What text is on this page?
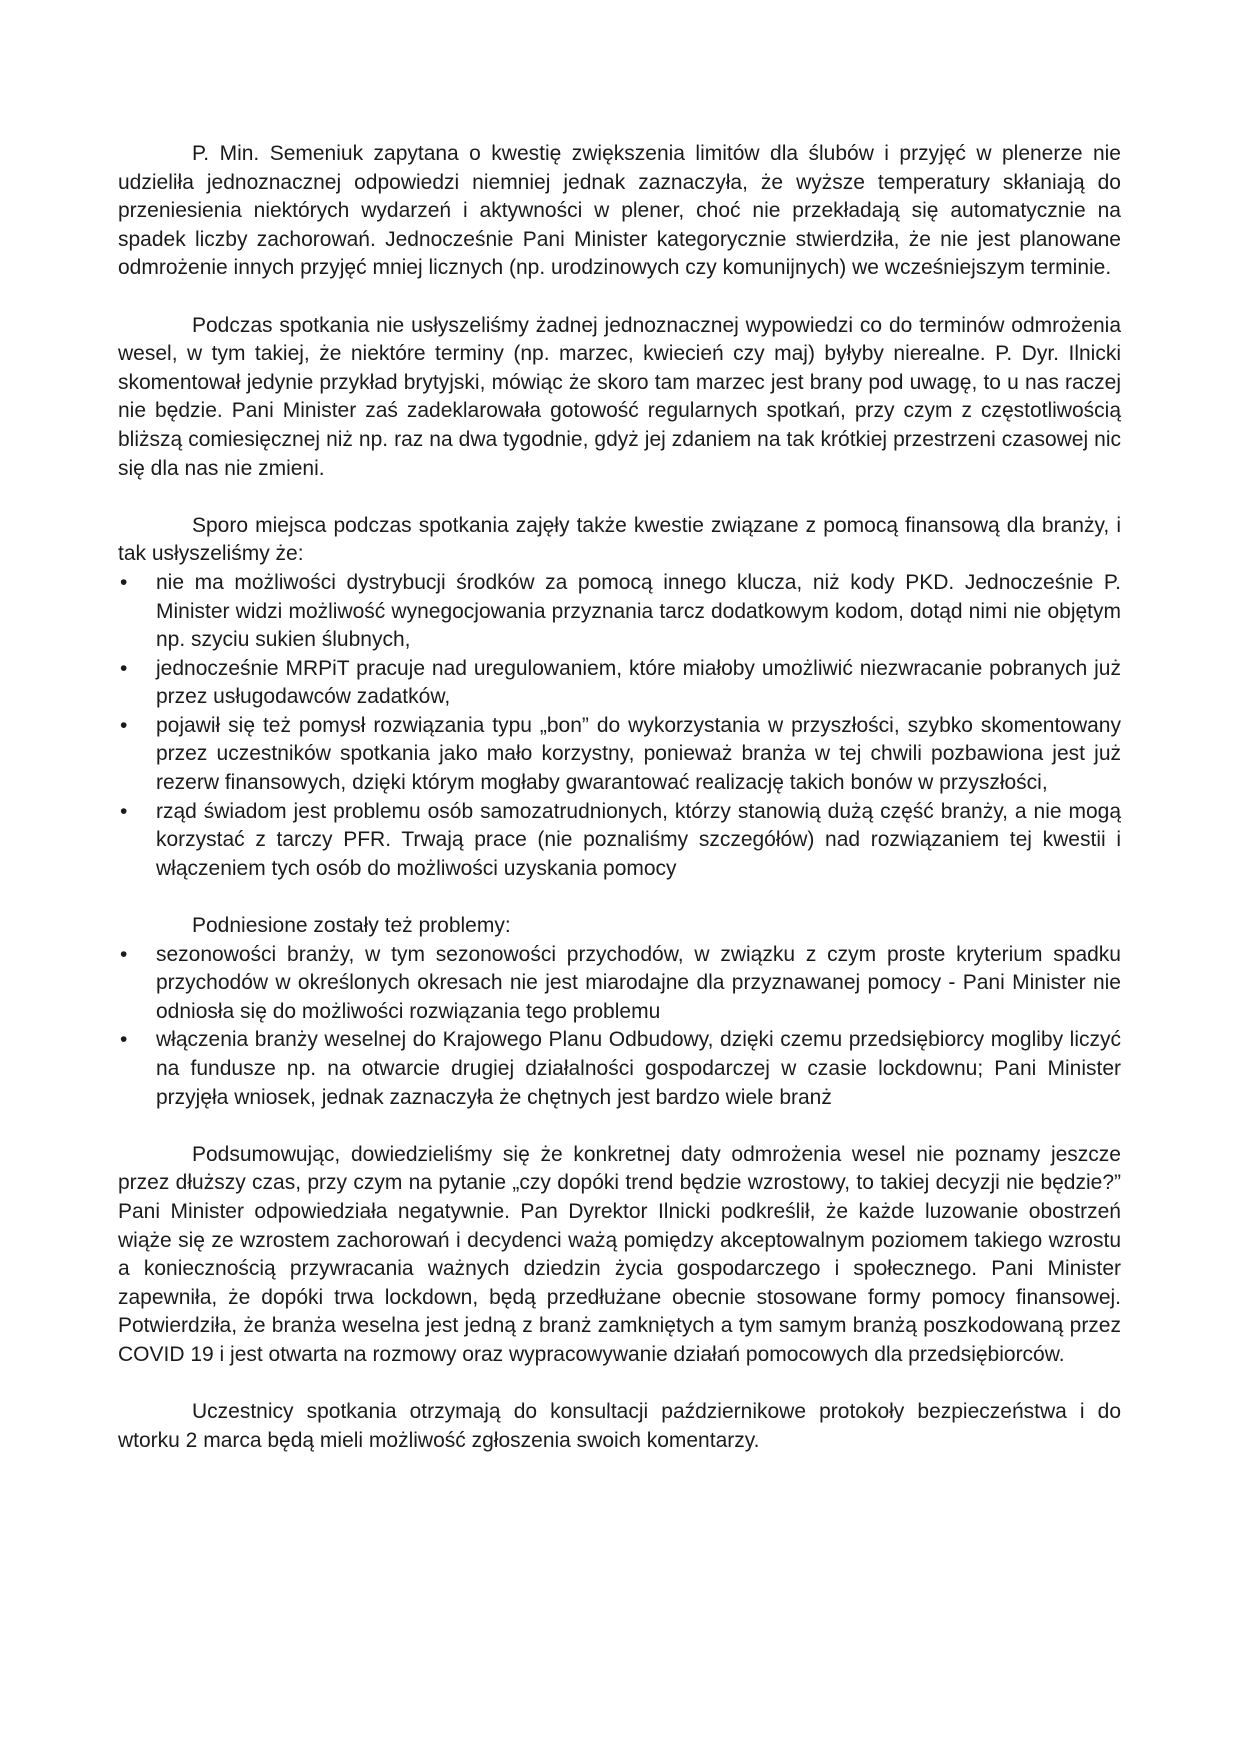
P. Min. Semeniuk zapytana o kwestię zwiększenia limitów dla ślubów i przyjęć w plenerze nie udzieliła jednoznacznej odpowiedzi niemniej jednak zaznaczyła, że wyższe temperatury skłaniają do przeniesienia niektórych wydarzeń i aktywności w plener, choć nie przekładają się automatycznie na spadek liczby zachorowań. Jednocześnie Pani Minister kategorycznie stwierdziła, że nie jest planowane odmrożenie innych przyjęć mniej licznych (np. urodzinowych czy komunijnych) we wcześniejszym terminie.

Podczas spotkania nie usłyszeliśmy żadnej jednoznacznej wypowiedzi co do terminów odmrożenia wesel, w tym takiej, że niektóre terminy (np. marzec, kwiecień czy maj) byłyby nierealne. P. Dyr. Ilnicki skomentował jedynie przykład brytyjski, mówiąc że skoro tam marzec jest brany pod uwagę, to u nas raczej nie będzie. Pani Minister zaś zadeklarowała gotowość regularnych spotkań, przy czym z częstotliwością bliższą comiesięcznej niż np. raz na dwa tygodnie, gdyż jej zdaniem na tak krótkiej przestrzeni czasowej nic się dla nas nie zmieni.

Sporo miejsca podczas spotkania zajęły także kwestie związane z pomocą finansową dla branży, i tak usłyszeliśmy że:

• nie ma możliwości dystrybucji środków za pomocą innego klucza, niż kody PKD. Jednocześnie P. Minister widzi możliwość wynegocjowania przyznania tarcz dodatkowym kodom, dotąd nimi nie objętym np. szyciu sukien ślubnych,
• jednocześnie MRPiT pracuje nad uregulowaniem, które miałoby umożliwić niezwracanie pobranych już przez usługodawców zadatków,
• pojawił się też pomysł rozwiązania typu „bon” do wykorzystania w przyszłości, szybko skomentowany przez uczestników spotkania jako mało korzystny, ponieważ branża w tej chwili pozbawiona jest już rezerw finansowych, dzięki którym mogłaby gwarantować realizację takich bonów w przyszłości,
• rząd świadom jest problemu osób samozatrudnionych, którzy stanowią dużą część branży, a nie mogą korzystać z tarczy PFR. Trwają prace (nie poznaliśmy szczegółów) nad rozwiązaniem tej kwestii i włączeniem tych osób do możliwości uzyskania pomocy

Podniesione zostały też problemy:

• sezonowości branży, w tym sezonowości przychodów, w związku z czym proste kryterium spadku przychodów w określonych okresach nie jest miarodajne dla przyznawanej pomocy - Pani Minister nie odniosła się do możliwości rozwiązania tego problemu
• włączenia branży weselnej do Krajowego Planu Odbudowy, dzięki czemu przedsiębiorcy mogliby liczyć na fundusze np. na otwarcie drugiej działalności gospodarczej w czasie lockdownu; Pani Minister przyjęła wniosek, jednak zaznaczyła że chętnych jest bardzo wiele branż

Podsumowując, dowiedzieliśmy się że konkretnej daty odmrożenia wesel nie poznamy jeszcze przez dłuższy czas, przy czym na pytanie „czy dopóki trend będzie wzrostowy, to takiej decyzji nie będzie?” Pani Minister odpowiedziała negatywnie. Pan Dyrektor Ilnicki podkreślił, że każde luzowanie obostrzeń wiąże się ze wzrostem zachorowań i decydenci ważą pomiędzy akceptowalnym poziomem takiego wzrostu a koniecznością przywracania ważnych dziedzin życia gospodarczego i społecznego. Pani Minister zapewniła, że dopóki trwa lockdown, będą przedłużane obecnie stosowane formy pomocy finansowej. Potwierdziła, że branża weselna jest jedną z branż zamkniętych a tym samym branżą poszkodowaną przez COVID 19 i jest otwarta na rozmowy oraz wypracowywanie działań pomocowych dla przedsiębiorców.

Uczestnicy spotkania otrzymają do konsultacji październikowe protokoły bezpieczeństwa i do wtorku 2 marca będą mieli możliwość zgłoszenia swoich komentarzy.
